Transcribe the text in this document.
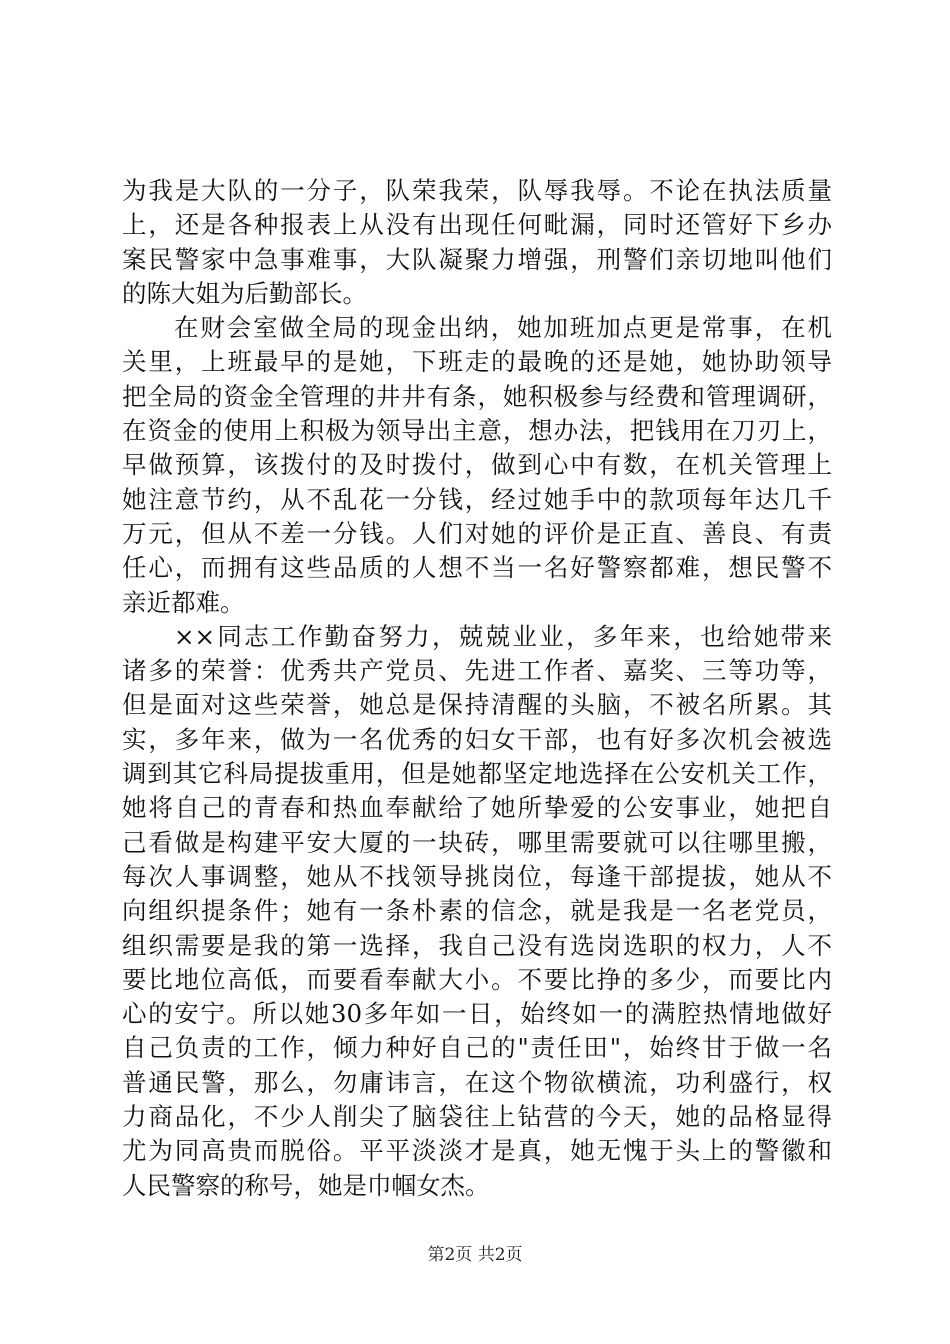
为我是大队的一分子，队荣我荣，队辱我辱。不论在执法质量
上，还是各种报表上从没有出现任何毗漏，同时还管好下乡办
案民警家中急事难事，大队凝聚力增强，刑警们亲切地叫他们
的陈大姐为后勤部长。
在财会室做全局的现金出纳，她加班加点更是常事，在机
关里，上班最早的是她，下班走的最晚的还是她，她协助领导
把全局的资金全管理的井井有条，她积极参与经费和管理调研，
在资金的使用上积极为领导出主意，想办法，把钱用在刀刃上，
早做预算，该拨付的及时拨付，做到心中有数，在机关管理上
她注意节约，从不乱花一分钱，经过她手中的款项每年达几千
万元，但从不差一分钱。人们对她的评价是正直、善良、有责
任心，而拥有这些品质的人想不当一名好警察都难，想民警不
亲近都难。
××同志工作勤奋努力，兢兢业业，多年来，也给她带来
诸多的荣誉：优秀共产党员、先进工作者、嘉奖、三等功等，
但是面对这些荣誉，她总是保持清醒的头脑，不被名所累。其
实，多年来，做为一名优秀的妇女干部，也有好多次机会被选
调到其它科局提拔重用，但是她都坚定地选择在公安机关工作，
她将自己的青春和热血奉献给了她所挚爱的公安事业，她把自
己看做是构建平安大厦的一块砖，哪里需要就可以往哪里搬，
每次人事调整，她从不找领导挑岗位，每逢干部提拔，她从不
向组织提条件；她有一条朴素的信念，就是我是一名老党员，
组织需要是我的第一选择，我自己没有选岗选职的权力，人不
要比地位高低，而要看奉献大小。不要比挣的多少，而要比内
心的安宁。所以她30多年如一日，始终如一的满腔热情地做好
自己负责的工作，倾力种好自己的"责任田"，始终甘于做一名
普通民警，那么，勿庸讳言，在这个物欲横流，功利盛行，权
力商品化，不少人削尖了脑袋往上钻营的今天，她的品格显得
尤为同高贵而脱俗。平平淡淡才是真，她无愧于头上的警徽和
人民警察的称号，她是巾帼女杰。
第2页 共2页
